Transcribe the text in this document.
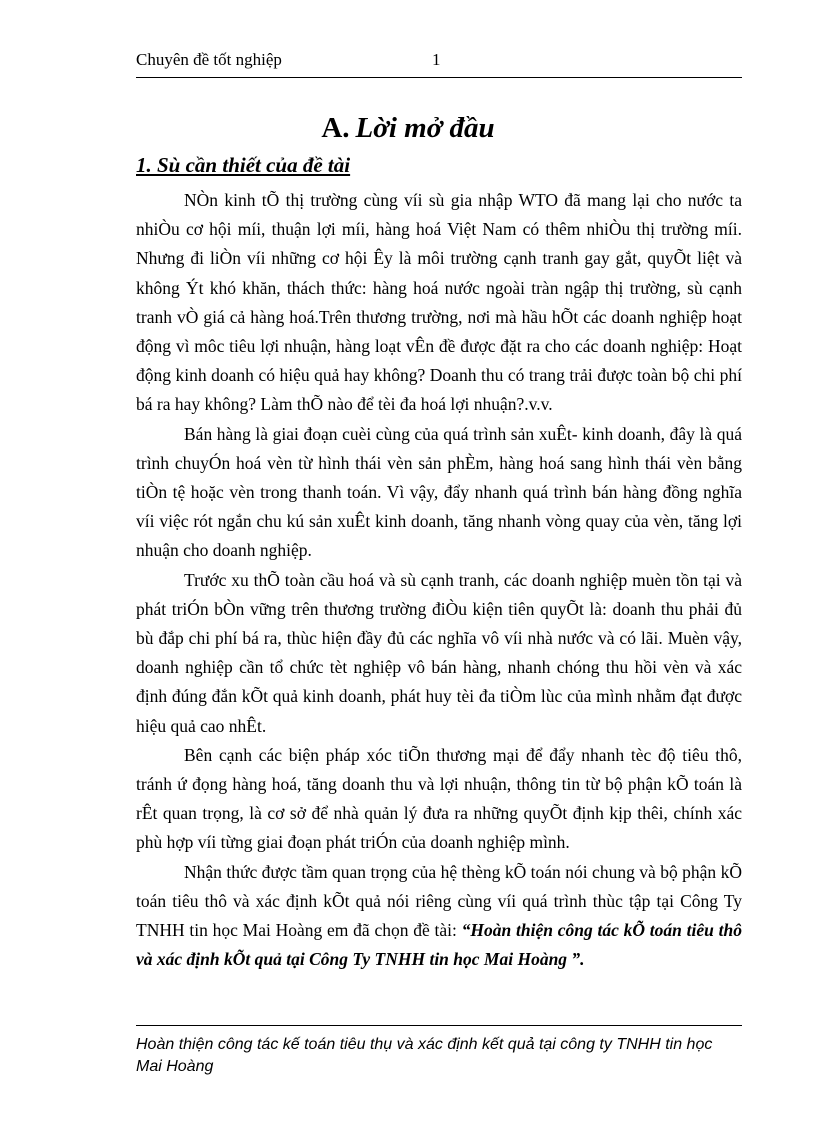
Chuyên đề tốt nghiệp	1
A. Lời mở đầu
1. Sù cần thiết của đề tài

NÒn kinh tÕ thị trường cùng víi sù gia nhập WTO đã mang lại cho nước ta nhiÒu cơ hội míi, thuận lợi míi, hàng hoá Việt Nam có thêm nhiÒu thị trường míi. Nhưng đi liÒn víi những cơ hội Êy là môi trường cạnh tranh gay gắt, quyÕt liệt và không Ýt khó khăn, thách thức: hàng hoá nước ngoài tràn ngập thị trường, sù cạnh tranh vÒ giá cả hàng hoá.Trên thương trường, nơi mà hầu hÕt các doanh nghiệp hoạt động vì môc tiêu lợi nhuận, hàng loạt vÊn đề được đặt ra cho các doanh nghiệp: Hoạt động kinh doanh có hiệu quả hay không? Doanh thu có trang trải được toàn bộ chi phí bá ra hay không? Làm thÕ nào để tèi đa hoá lợi nhuận?.v.v.

Bán hàng là giai đoạn cuèi cùng của quá trình sản xuÊt- kinh doanh, đây là quá trình chuyÓn hoá vèn từ hình thái vèn sản phÈm, hàng hoá sang hình thái vèn bằng tiÒn tệ hoặc vèn trong thanh toán. Vì vậy, đẩy nhanh quá trình bán hàng đồng nghĩa víi việc rót ngắn chu kú sản xuÊt kinh doanh, tăng nhanh vòng quay của vèn, tăng lợi nhuận cho doanh nghiệp.

Trước xu thÕ toàn cầu hoá và sù cạnh tranh, các doanh nghiệp muèn tồn tại và phát triÓn bÒn vững trên thương trường điÒu kiện tiên quyÕt là: doanh thu phải đủ bù đắp chi phí bá ra, thùc hiện đầy đủ các nghĩa vô víi nhà nước và có lãi. Muèn vậy, doanh nghiệp cần tổ chức tèt nghiệp vô bán hàng, nhanh chóng thu hồi vèn và xác định đúng đắn kÕt quả kinh doanh, phát huy tèi đa tiÒm lùc của mình nhằm đạt được hiệu quả cao nhÊt.

Bên cạnh các biện pháp xóc tiÕn thương mại để đẩy nhanh tèc độ tiêu thô, tránh ứ đọng hàng hoá, tăng doanh thu và lợi nhuận, thông tin từ bộ phận kÕ toán là rÊt quan trọng, là cơ sở để nhà quản lý đưa ra những quyÕt định kịp thêi, chính xác phù hợp víi từng giai đoạn phát triÓn của doanh nghiệp mình.

Nhận thức được tầm quan trọng của hệ thèng kÕ toán nói chung và bộ phận kÕ toán tiêu thô và xác định kÕt quả nói riêng cùng víi quá trình thùc tập tại Công Ty TNHH tin học Mai Hoàng em đã chọn đề tài: “Hoàn thiện công tác kÕ toán tiêu thô và xác định kÕt quả tại Công Ty TNHH tin học Mai Hoàng ”.

Hoàn thiện công tác kế toán tiêu thụ và xác định kết quả tại công ty TNHH tin học Mai Hoàng
